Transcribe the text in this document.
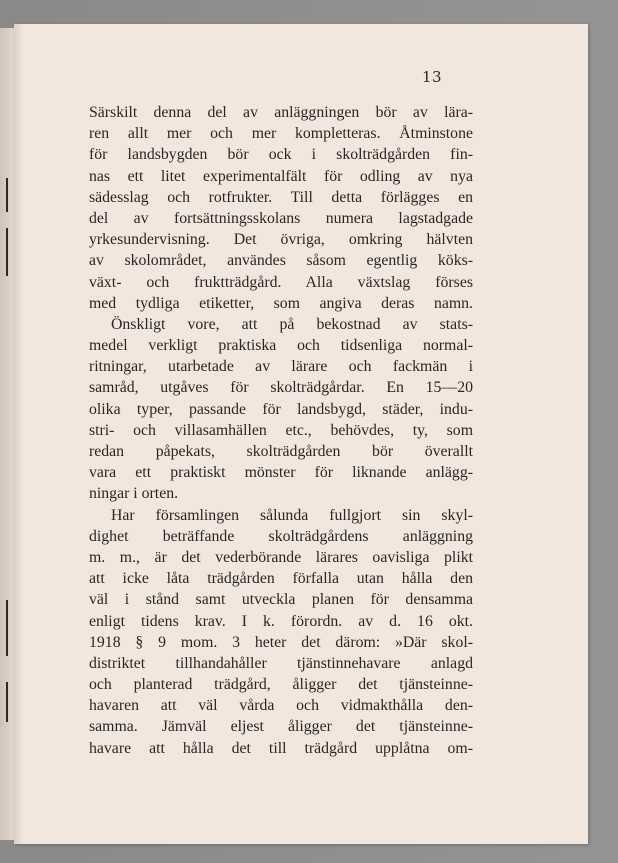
13
Särskilt denna del av anläggningen bör av lära-
ren allt mer och mer kompletteras. Åtminstone
för landsbygden bör ock i skolträdgården fin-
nas ett litet experimentalfält för odling av nya
sädesslag och rotfrukter. Till detta förlägges en
del av fortsättningsskolans numera lagstadgade
yrkesundervisning. Det övriga, omkring hälvten
av skolområdet, användes såsom egentlig köks-
växt- och fruktträdgård. Alla växtslag förses
med tydliga etiketter, som angiva deras namn.
Önskligt vore, att på bekostnad av stats-
medel verkligt praktiska och tidsenliga normal-
ritningar, utarbetade av lärare och fackmän i
samråd, utgåves för skolträdgårdar. En 15—20
olika typer, passande för landsbygd, städer, indu-
stri- och villasamhällen etc., behövdes, ty, som
redan påpekats, skolträdgården bör överallt
vara ett praktiskt mönster för liknande anlägg-
ningar i orten.
Har församlingen sålunda fullgjort sin skyl-
dighet beträffande skolträdgårdens anläggning
m. m., är det vederbörande lärares oavisliga plikt
att icke låta trädgården förfalla utan hålla den
väl i stånd samt utveckla planen för densamma
enligt tidens krav. I k. förordn. av d. 16 okt.
1918 § 9 mom. 3 heter det därom: »Där skol-
distriktet tillhandahåller tjänstinnehavare anlagd
och planterad trädgård, åligger det tjänsteinne-
havaren att väl vårda och vidmakthålla den-
samma. Jämväl eljest åligger det tjänsteinne-
havare att hålla det till trädgård upplåtna om-
